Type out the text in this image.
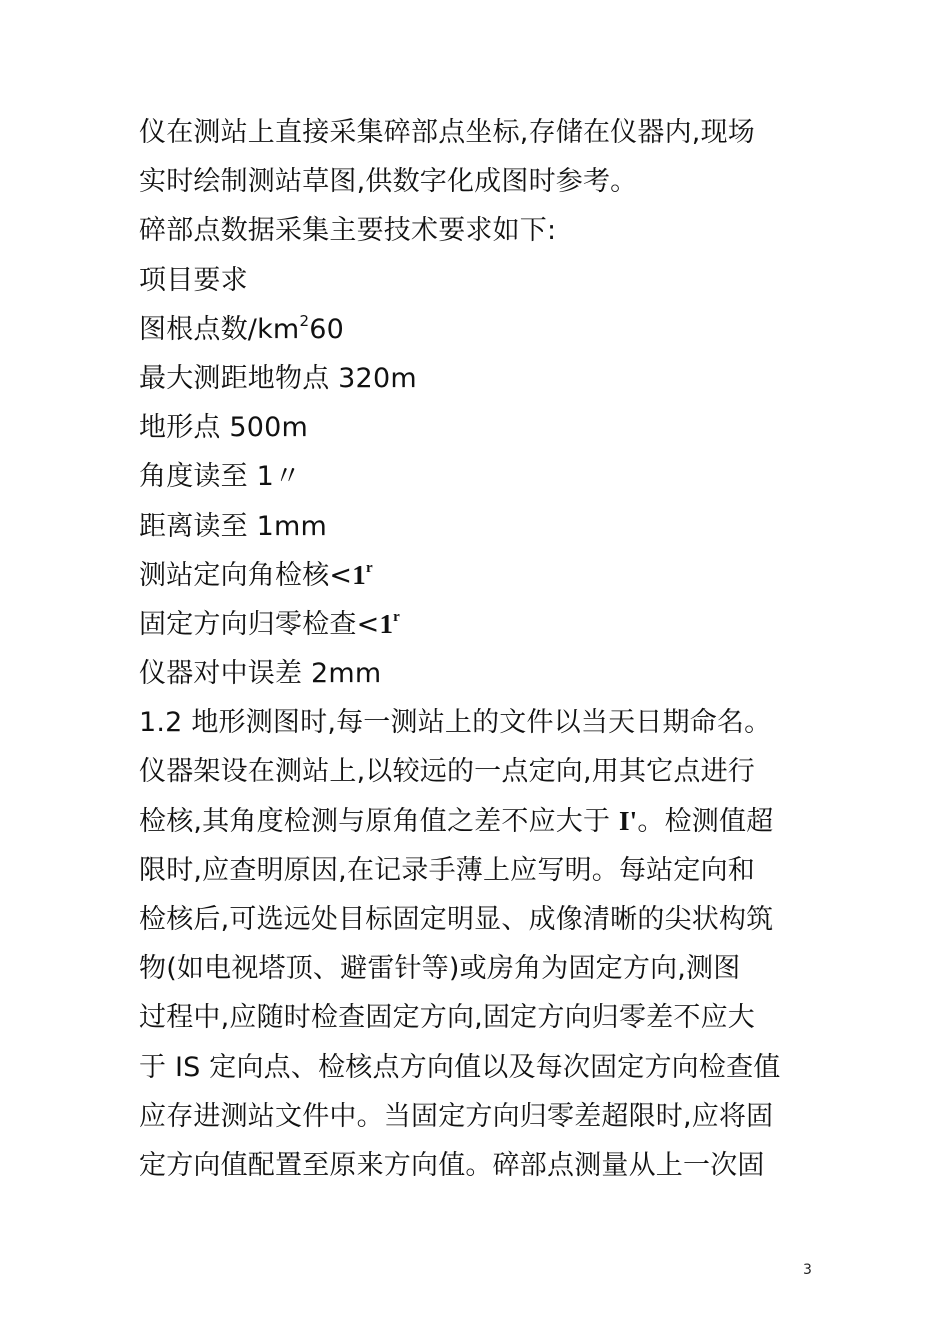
仪在测站上直接采集碎部点坐标,存储在仪器内,现场
实时绘制测站草图,供数字化成图时参考。
碎部点数据采集主要技术要求如下:
项目要求
图根点数$/km^260$
最大测距地物点 320m
地形点 500m
角度读至 1〃
距离读至 1mm
测站定向角检核$<1^r$
固定方向归零检查$<1^r$
仪器对中误差 2mm
1.2 地形测图时,每一测站上的文件以当天日期命名。
仪器架设在测站上,以较远的一点定向,用其它点进行
检核,其角度检测与原角值之差不应大于 I'。检测值超
限时,应查明原因,在记录手薄上应写明。每站定向和
检核后,可选远处目标固定明显、成像清晰的尖状构筑
物(如电视塔顶、避雷针等)或房角为固定方向,测图
过程中,应随时检查固定方向,固定方向归零差不应大
于 IS 定向点、检核点方向值以及每次固定方向检查值
应存进测站文件中。当固定方向归零差超限时,应将固
定方向值配置至原来方向值。碎部点测量从上一次固
3
